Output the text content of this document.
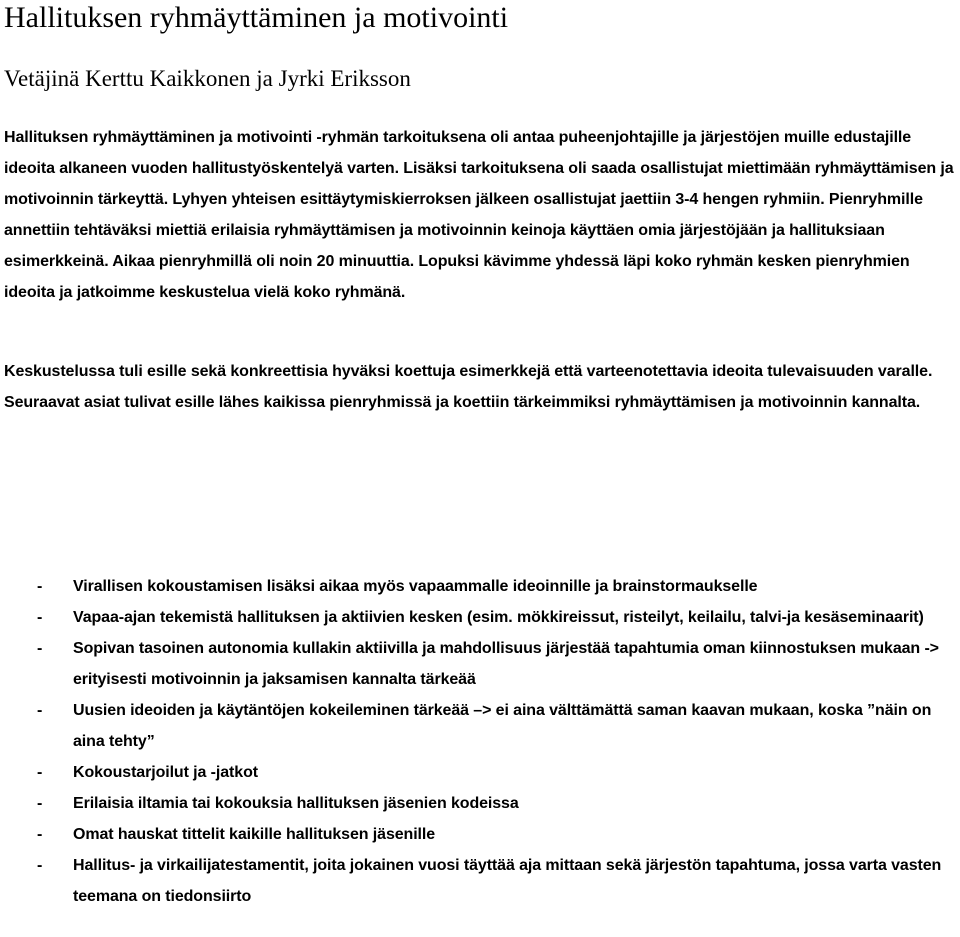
Hallituksen ryhmäyttäminen ja motivointi
Vetäjinä Kerttu Kaikkonen ja Jyrki Eriksson

Hallituksen ryhmäyttäminen ja motivointi -ryhmän tarkoituksena oli antaa puheenjohtajille ja järjestöjen muille edustajille ideoita alkaneen vuoden hallitustyöskentelyä varten. Lisäksi tarkoituksena oli saada osallistujat miettimään ryhmäyttämisen ja motivoinnin tärkeyttä. Lyhyen yhteisen esittäytymiskierroksen jälkeen osallistujat jaettiin 3-4 hengen ryhmiin. Pienryhmille annettiin tehtäväksi miettiä erilaisia ryhmäyttämisen ja motivoinnin keinoja käyttäen omia järjestöjään ja hallituksiaan esimerkkeinä. Aikaa pienryhmillä oli noin 20 minuuttia. Lopuksi kävimme yhdessä läpi koko ryhmän kesken pienryhmien ideoita ja jatkoimme keskustelua vielä koko ryhmänä.

Keskustelussa tuli esille sekä konkreettisia hyväksi koettuja esimerkkejä että varteenotettavia ideoita tulevaisuuden varalle. Seuraavat asiat tulivat esille lähes kaikissa pienryhmissä ja koettiin tärkeimmiksi ryhmäyttämisen ja motivoinnin kannalta.

- Virallisen kokoustamisen lisäksi aikaa myös vapaammalle ideoinnille ja brainstormaukselle
- Vapaa-ajan tekemistä hallituksen ja aktiivien kesken (esim. mökkireissut, risteilyt, keilailu, talvi-ja kesäseminaarit)
- Sopivan tasoinen autonomia kullakin aktiivilla ja mahdollisuus järjestää tapahtumia oman kiinnostuksen mukaan -> erityisesti motivoinnin ja jaksamisen kannalta tärkeää
- Uusien ideoiden ja käytäntöjen kokeileminen tärkeää –> ei aina välttämättä saman kaavan mukaan, koska ”näin on aina tehty”
- Kokoustarjoilut ja -jatkot
- Erilaisia iltamia tai kokouksia hallituksen jäsenien kodeissa
- Omat hauskat tittelit kaikille hallituksen jäsenille
- Hallitus- ja virkailijatestamentit, joita jokainen vuosi täyttää aja mittaan sekä järjestön tapahtuma, jossa varta vasten teemana on tiedonsiirto
